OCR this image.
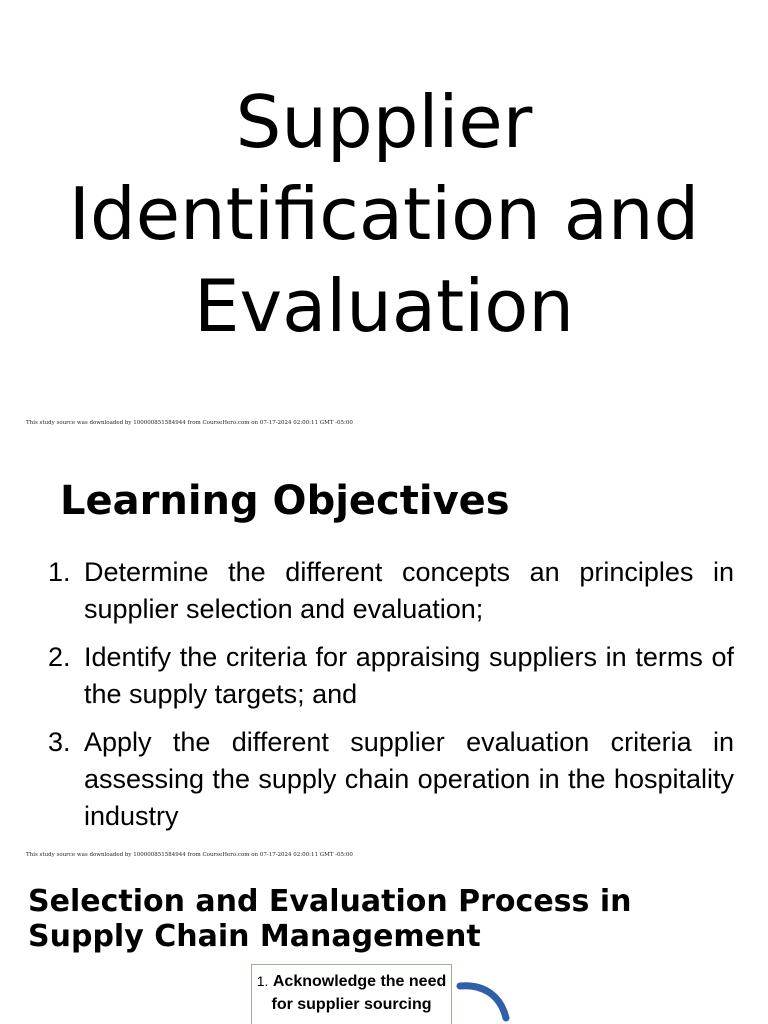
Supplier
Identification and
Evaluation
This study source was downloaded by 100000851584944 from CourseHero.com on 07-17-2024 02:00:11 GMT -05:00
Learning Objectives
1. Determine the different concepts an principles in supplier selection and evaluation;
2. Identify the criteria for appraising suppliers in terms of the supply targets; and
3. Apply the different supplier evaluation criteria in assessing the supply chain operation in the hospitality industry
This study source was downloaded by 100000851584944 from CourseHero.com on 07-17-2024 02:00:11 GMT -05:00
Selection and Evaluation Process in Supply Chain Management
1. Acknowledge the need for supplier sourcing
